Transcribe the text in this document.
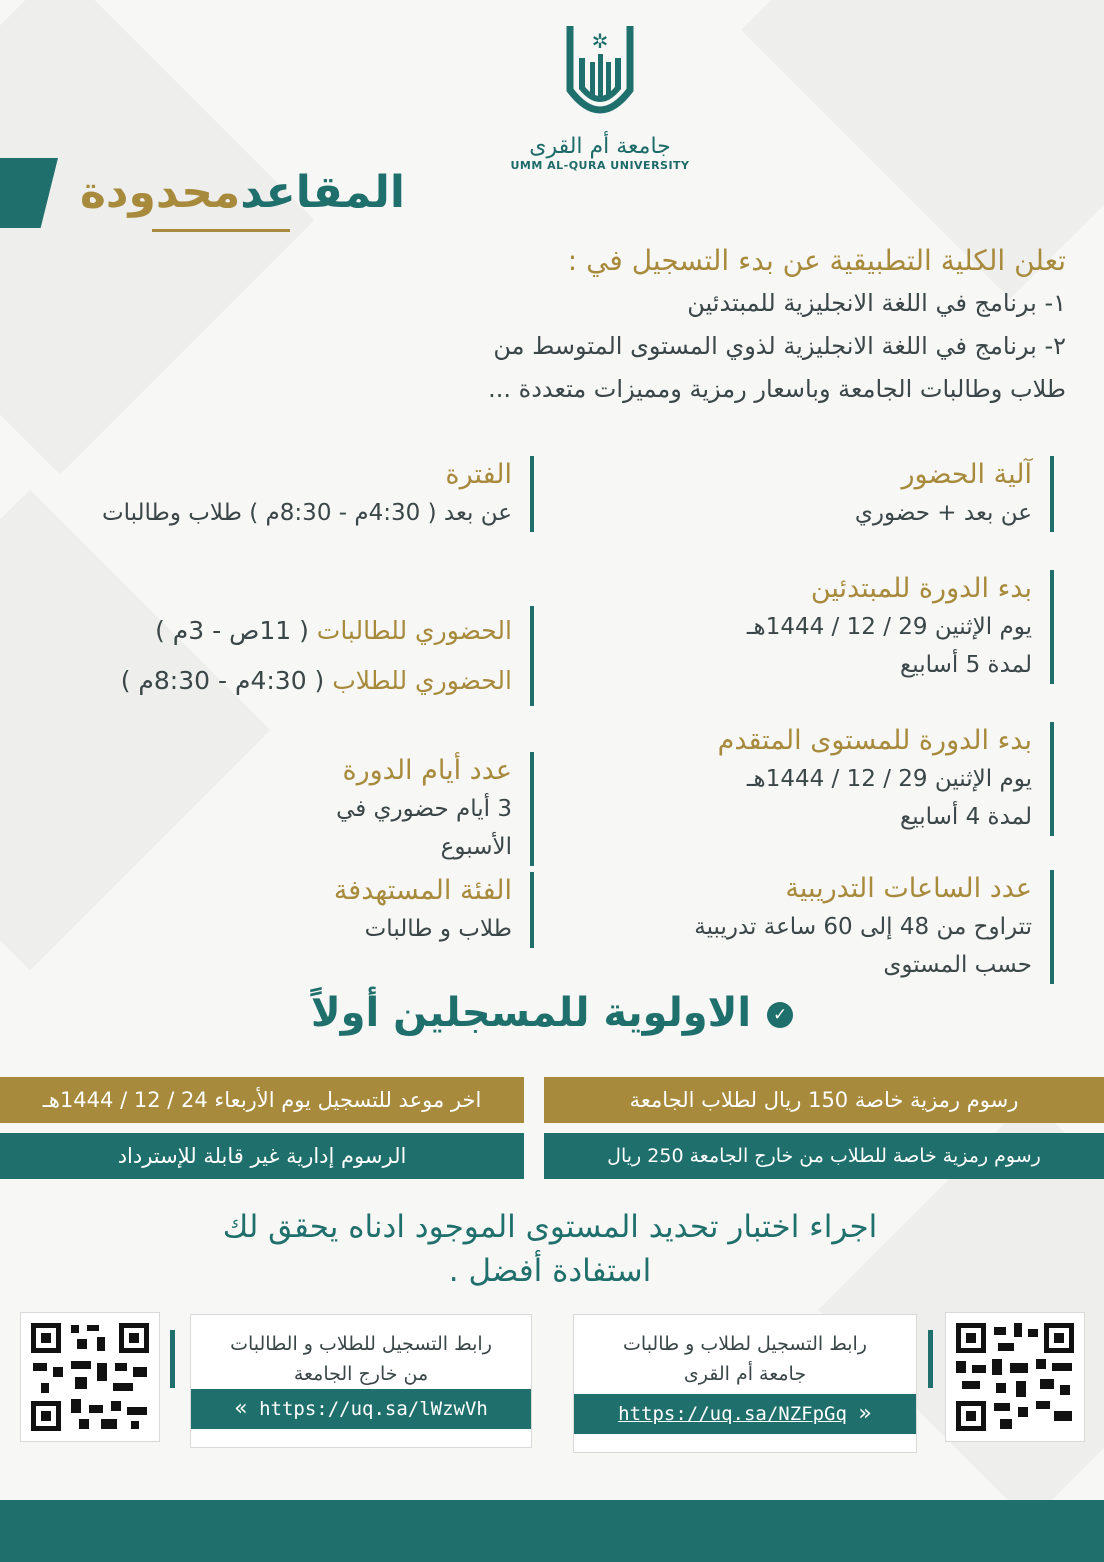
✲
جامعة أم القرى
UMM AL-QURA UNIVERSITY
المقاعدمحدودة
تعلن الكلية التطبيقية عن بدء التسجيل في :
١- برنامج في اللغة الانجليزية للمبتدئين
٢- برنامج في اللغة الانجليزية لذوي المستوى المتوسط من
طلاب وطالبات الجامعة وباسعار رمزية ومميزات متعددة ...
آلية الحضور
عن بعد + حضوري
بدء الدورة للمبتدئين
يوم الإثنين 29 / 12 / 1444هـ
لمدة 5 أسابيع
بدء الدورة للمستوى المتقدم
يوم الإثنين 29 / 12 / 1444هـ
لمدة 4 أسابيع
عدد الساعات التدريبية
تتراوح من 48 إلى 60 ساعة تدريبية
حسب المستوى
الفترة
عن بعد ( 4:30م - 8:30م ) طلاب وطالبات
الحضوري للطالبات ( 11ص - 3م )
الحضوري للطلاب ( 4:30م - 8:30م )
عدد أيام الدورة
3 أيام حضوري في الأسبوع
الفئة المستهدفة
طلاب و طالبات
✓الاولوية للمسجلين أولاً
رسوم رمزية خاصة 150 ريال لطلاب الجامعة
اخر موعد للتسجيل يوم الأربعاء 24 / 12 / 1444هـ
رسوم رمزية خاصة للطلاب من خارج الجامعة 250 ريال
الرسوم إدارية غير قابلة للإسترداد
اجراء اختبار تحديد المستوى الموجود ادناه يحقق لك
استفادة أفضل .
رابط التسجيل للطلاب و الطالبات
من خارج الجامعة
« https://uq.sa/lWzwVh
رابط التسجيل لطلاب و طالبات
جامعة أم القرى
https://uq.sa/NZFpGq »
